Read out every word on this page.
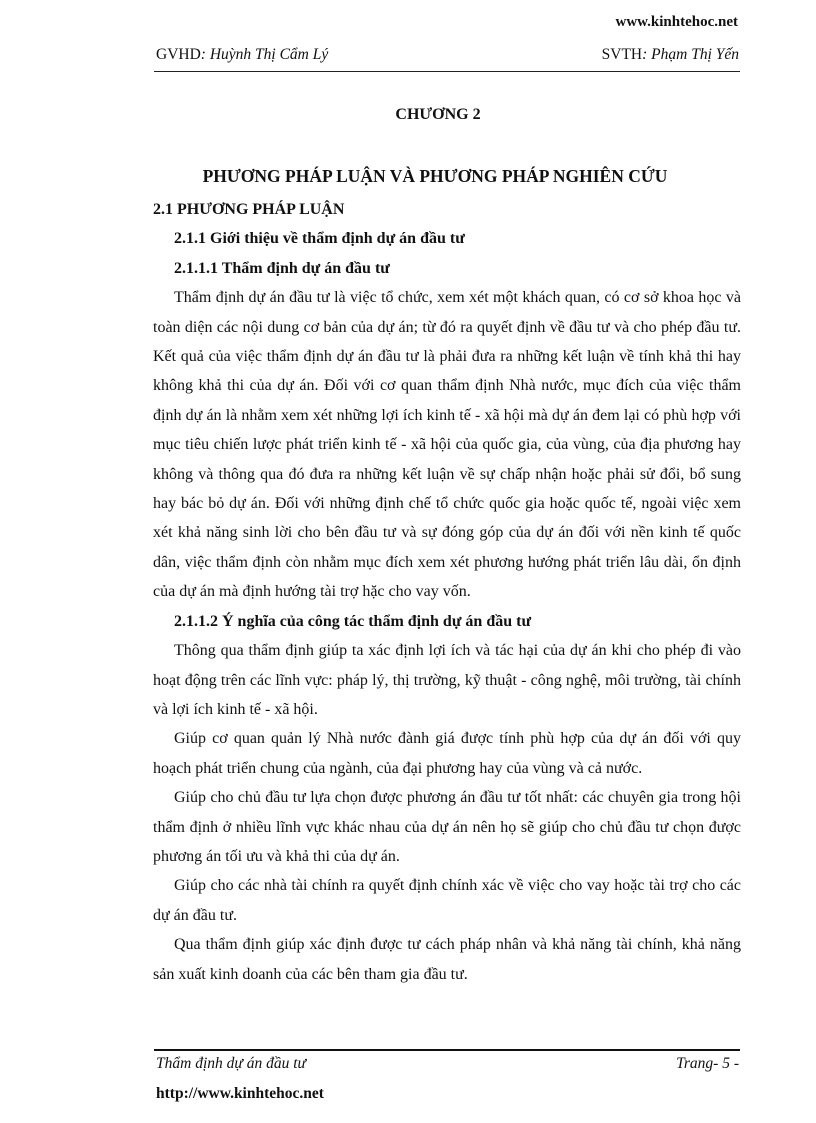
www.kinhtehoc.net
GVHD: Huỳnh Thị Cẩm Lý	SVTH: Phạm Thị Yến
CHƯƠNG 2
PHƯƠNG PHÁP LUẬN VÀ PHƯƠNG PHÁP NGHIÊN CỨU

2.1 PHƯƠNG PHÁP LUẬN

2.1.1 Giới thiệu về thẩm định dự án đầu tư

2.1.1.1 Thẩm định dự án đầu tư

Thẩm định dự án đầu tư là việc tổ chức, xem xét một khách quan, có cơ sở khoa học và toàn diện các nội dung cơ bản của dự án; từ đó ra quyết định về đầu tư và cho phép đầu tư. Kết quả của việc thẩm định dự án đầu tư là phải đưa ra những kết luận về tính khả thi hay không khả thi của dự án. Đối với cơ quan thẩm định Nhà nước, mục đích của việc thẩm định dự án là nhằm xem xét những lợi ích kinh tế - xã hội mà dự án đem lại có phù hợp với mục tiêu chiến lược phát triển kinh tế - xã hội của quốc gia, của vùng, của địa phương hay không và thông qua đó đưa ra những kết luận về sự chấp nhận hoặc phải sử đổi, bổ sung hay bác bỏ dự án. Đối với những định chế tổ chức quốc gia hoặc quốc tế, ngoài việc xem xét khả năng sinh lời cho bên đầu tư và sự đóng góp của dự án đối với nền kinh tế quốc dân, việc thẩm định còn nhằm mục đích xem xét phương hướng phát triển lâu dài, ổn định của dự án mà định hướng tài trợ hặc cho vay vốn.

2.1.1.2 Ý nghĩa của công tác thẩm định dự án đầu tư

Thông qua thẩm định giúp ta xác định lợi ích và tác hại của dự án khi cho phép đi vào hoạt động trên các lĩnh vực: pháp lý, thị trường, kỹ thuật - công nghệ, môi trường, tài chính và lợi ích kinh tế - xã hội.

Giúp cơ quan quản lý Nhà nước đành giá được tính phù hợp của dự án đối với quy hoạch phát triển chung của ngành, của đại phương hay của vùng và cả nước.

Giúp cho chủ đầu tư lựa chọn được phương án đầu tư tốt nhất: các chuyên gia trong hội thẩm định ở nhiều lĩnh vực khác nhau của dự án nên họ sẽ giúp cho chủ đầu tư chọn được phương án tối ưu và khả thi của dự án.

Giúp cho các nhà tài chính ra quyết định chính xác về việc cho vay hoặc tài trợ cho các dự án đầu tư.

Qua thẩm định giúp xác định được tư cách pháp nhân và khả năng tài chính, khả năng sản xuất kinh doanh của các bên tham gia đầu tư.

Thẩm định dự án đầu tư	Trang- 5 -
http://www.kinhtehoc.net
